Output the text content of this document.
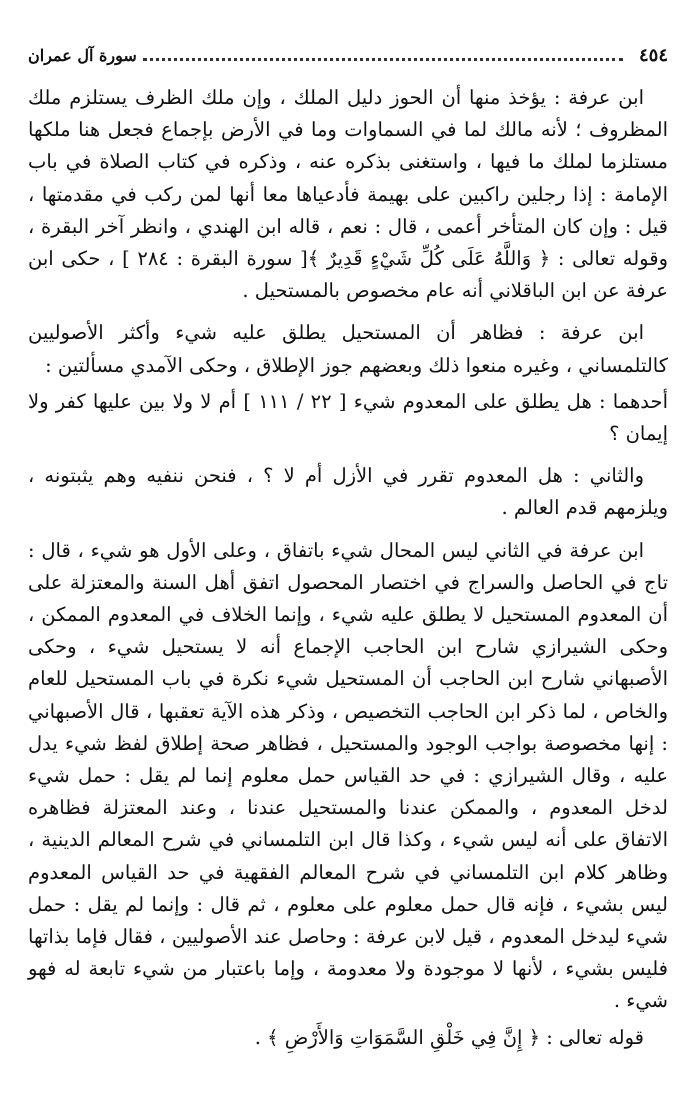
٤٥٤
سورة آل عمران

ابن عرفة : يؤخذ منها أن الحوز دليل الملك ، وإن ملك الظرف يستلزم ملك المظروف ؛ لأنه مالك لما في السماوات وما في الأرض بإجماع فجعل هنا ملكها مستلزما لملك ما فيها ، واستغنى بذكره عنه ، وذكره في كتاب الصلاة في باب الإمامة : إذا رجلين راكبين على بهيمة فأدعياها معا أنها لمن ركب في مقدمتها ، قيل : وإن كان المتأخر أعمى ، قال : نعم ، قاله ابن الهندي ، وانظر آخر البقرة ، وقوله تعالى : ﴿ وَاللَّهُ عَلَى كُلِّ شَيْءٍ قَدِيرٌ ﴾[ سورة البقرة : ٢٨٤ ] ، حكى ابن عرفة عن ابن الباقلاني أنه عام مخصوص بالمستحيل .

ابن عرفة : فظاهر أن المستحيل يطلق عليه شيء وأكثر الأصوليين كالتلمساني ، وغيره منعوا ذلك وبعضهم جوز الإطلاق ، وحكى الآمدي مسألتين :

أحدهما : هل يطلق على المعدوم شيء [ ٢٢ / ١١١ ] أم لا ولا بين عليها كفر ولا إيمان ؟

والثاني : هل المعدوم تقرر في الأزل أم لا ؟ ، فنحن ننفيه وهم يثبتونه ، ويلزمهم قدم العالم .

ابن عرفة في الثاني ليس المحال شيء باتفاق ، وعلى الأول هو شيء ، قال : تاج في الحاصل والسراج في اختصار المحصول اتفق أهل السنة والمعتزلة على أن المعدوم المستحيل لا يطلق عليه شيء ، وإنما الخلاف في المعدوم الممكن ، وحكى الشيرازي شارح ابن الحاجب الإجماع أنه لا يستحيل شيء ، وحكى الأصبهاني شارح ابن الحاجب أن المستحيل شيء نكرة في باب المستحيل للعام والخاص ، لما ذكر ابن الحاجب التخصيص ، وذكر هذه الآية تعقبها ، قال الأصبهاني : إنها مخصوصة بواجب الوجود والمستحيل ، فظاهر صحة إطلاق لفظ شيء يدل عليه ، وقال الشيرازي : في حد القياس حمل معلوم إنما لم يقل : حمل شيء لدخل المعدوم ، والممكن عندنا والمستحيل عندنا ، وعند المعتزلة فظاهره الاتفاق على أنه ليس شيء ، وكذا قال ابن التلمساني في شرح المعالم الدينية ، وظاهر كلام ابن التلمساني في شرح المعالم الفقهية في حد القياس المعدوم ليس بشيء ، فإنه قال حمل معلوم على معلوم ، ثم قال : وإنما لم يقل : حمل شيء ليدخل المعدوم ، قيل لابن عرفة : وحاصل عند الأصوليين ، فقال فإما بذاتها فليس بشيء ، لأنها لا موجودة ولا معدومة ، وإما باعتبار من شيء تابعة له فهو شيء .

قوله تعالى : ﴿ إِنَّ فِي خَلْقِ السَّمَوَاتِ وَالأَرْضِ ﴾ .
